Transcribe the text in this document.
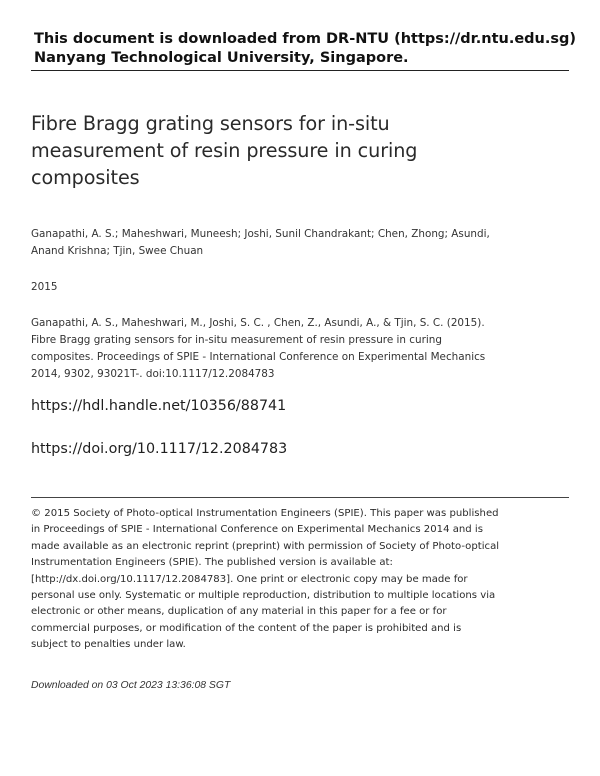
This document is downloaded from DR-NTU (https://dr.ntu.edu.sg)
Nanyang Technological University, Singapore.
Fibre Bragg grating sensors for in-situ measurement of resin pressure in curing composites
Ganapathi, A. S.; Maheshwari, Muneesh; Joshi, Sunil Chandrakant; Chen, Zhong; Asundi, Anand Krishna; Tjin, Swee Chuan
2015
Ganapathi, A. S., Maheshwari, M., Joshi, S. C. , Chen, Z., Asundi, A., & Tjin, S. C. (2015). Fibre Bragg grating sensors for in-situ measurement of resin pressure in curing composites. Proceedings of SPIE - International Conference on Experimental Mechanics 2014, 9302, 93021T-. doi:10.1117/12.2084783
https://hdl.handle.net/10356/88741
https://doi.org/10.1117/12.2084783
© 2015 Society of Photo-optical Instrumentation Engineers (SPIE). This paper was published in Proceedings of SPIE - International Conference on Experimental Mechanics 2014 and is made available as an electronic reprint (preprint) with permission of Society of Photo-optical Instrumentation Engineers (SPIE). The published version is available at: [http://dx.doi.org/10.1117/12.2084783]. One print or electronic copy may be made for personal use only. Systematic or multiple reproduction, distribution to multiple locations via electronic or other means, duplication of any material in this paper for a fee or for commercial purposes, or modification of the content of the paper is prohibited and is subject to penalties under law.
Downloaded on 03 Oct 2023 13:36:08 SGT
